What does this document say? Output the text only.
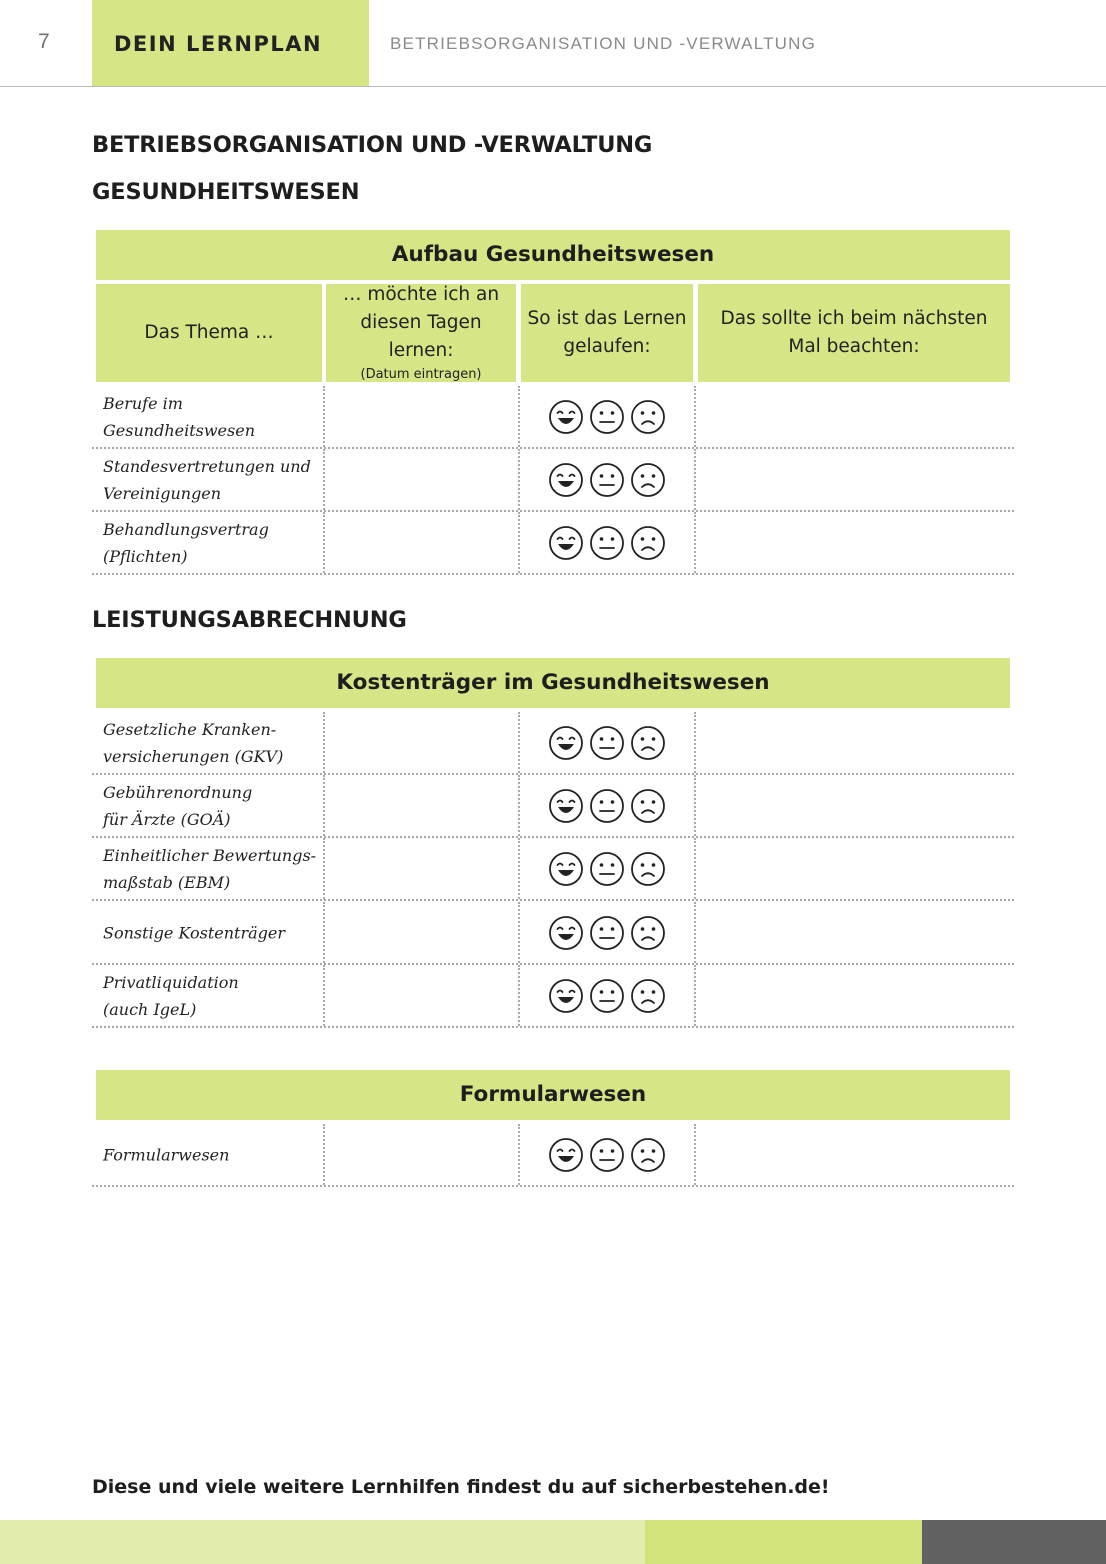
7	DEIN LERNPLAN	BETRIEBSORGANISATION UND -VERWALTUNG
BETRIEBSORGANISATION UND -VERWALTUNG
GESUNDHEITSWESEN
Aufbau Gesundheitswesen
Das Thema …
… möchte ich an diesen Tagen lernen:
(Datum eintragen)
So ist das Lernen gelaufen:
Das sollte ich beim nächsten Mal beachten:
Berufe im Gesundheitswesen
Standesvertretungen und
Vereinigungen
Behandlungsvertrag
(Pflichten)
LEISTUNGSABRECHNUNG
Kostenträger im Gesundheitswesen
Gesetzliche Kranken-
versicherungen (GKV)
Gebührenordnung
für Ärzte (GOÄ)
Einheitlicher Bewertungs-
maßstab (EBM)
Sonstige Kostenträger
Privatliquidation
(auch IgeL)
Formularwesen
Formularwesen
Diese und viele weitere Lernhilfen findest du auf sicherbestehen.de!
